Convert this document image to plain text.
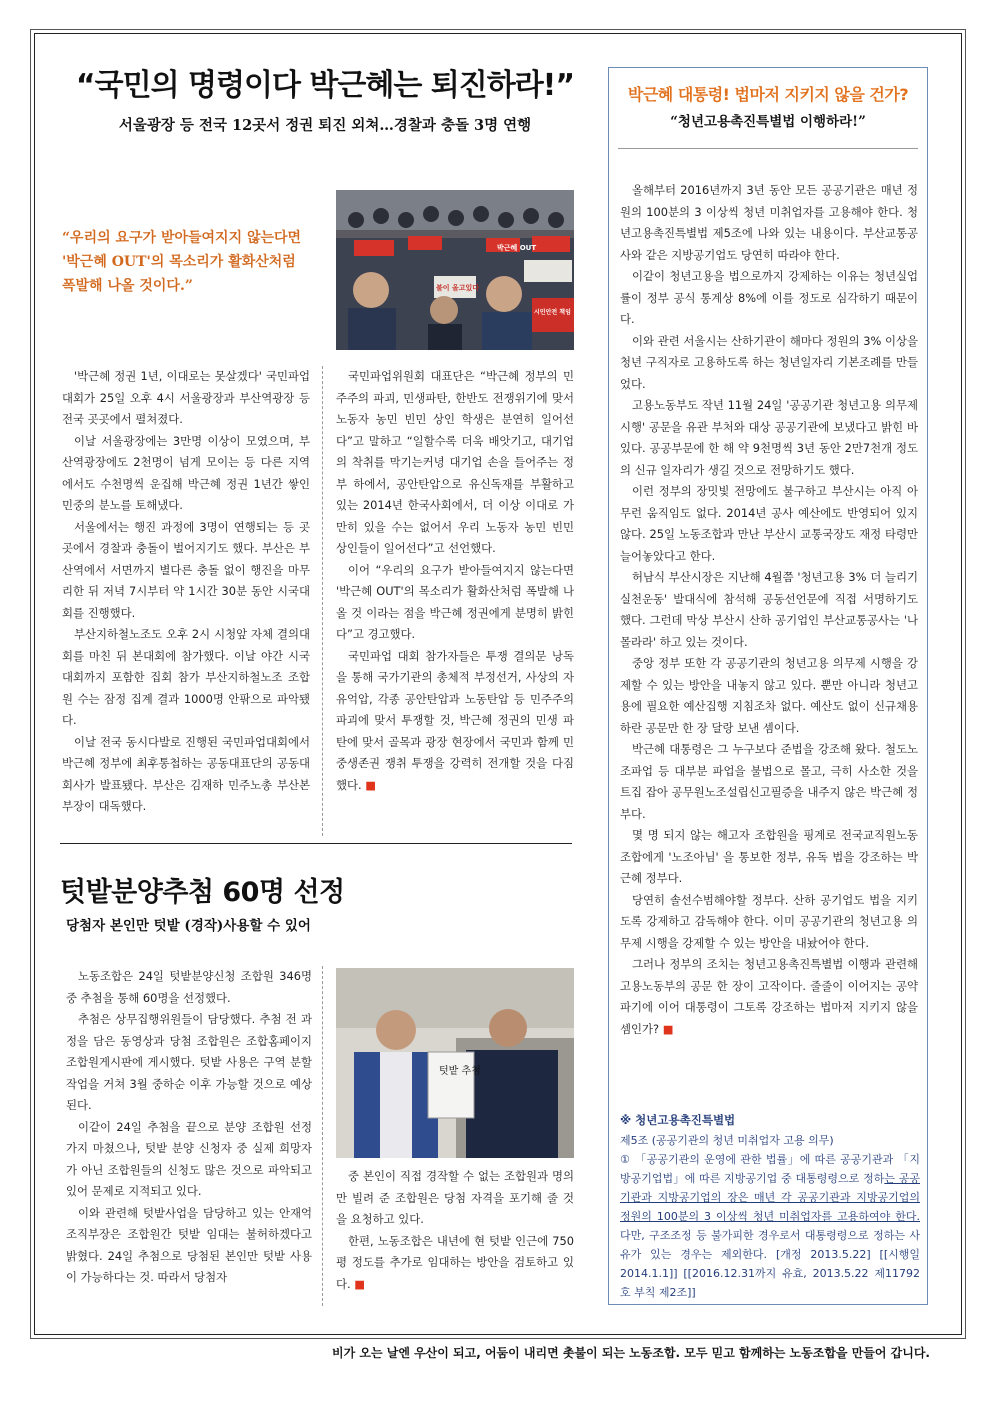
“국민의 명령이다 박근혜는 퇴진하라!”
서울광장 등 전국 12곳서 정권 퇴진 외쳐…경찰과 충돌 3명 연행
“우리의 요구가 받아들여지지 않는다면 '박근혜 OUT'의 목소리가 활화산처럼 폭발해 나올 것이다.”
박근혜 OUT
불이 올고있다
시민안전 책임

'박근혜 정권 1년, 이대로는 못살겠다' 국민파업 대회가 25일 오후 4시 서울광장과 부산역광장 등 전국 곳곳에서 펼쳐졌다.

이날 서울광장에는 3만명 이상이 모였으며, 부산역광장에도 2천명이 넘게 모이는 등 다른 지역에서도 수천명씩 운집해 박근혜 정권 1년간 쌓인 민중의 분노를 토해냈다.

서울에서는 행진 과정에 3명이 연행되는 등 곳곳에서 경찰과 충돌이 벌어지기도 했다. 부산은 부산역에서 서면까지 별다른 충돌 없이 행진을 마무리한 뒤 저녁 7시부터 약 1시간 30분 동안 시국대회를 진행했다.

부산지하철노조도 오후 2시 시청앞 자체 결의대회를 마친 뒤 본대회에 참가했다. 이날 야간 시국대회까지 포함한 집회 참가 부산지하철노조 조합원 수는 잠정 집계 결과 1000명 안팎으로 파악됐다.

이날 전국 동시다발로 진행된 국민파업대회에서 박근혜 정부에 최후통첩하는 공동대표단의 공동대회사가 발표됐다. 부산은 김재하 민주노총 부산본부장이 대독했다.

국민파업위원회 대표단은 “박근혜 정부의 민주주의 파괴, 민생파탄, 한반도 전쟁위기에 맞서 노동자 농민 빈민 상인 학생은 분연히 일어선다”고 말하고 “일할수록 더욱 배앗기고, 대기업의 착취를 막기는커녕 대기업 손을 들어주는 정부 하에서, 공안탄압으로 유신독재를 부활하고 있는 2014년 한국사회에서, 더 이상 이대로 가만히 있을 수는 없어서 우리 노동자 농민 빈민 상인들이 일어선다”고 선언했다.

이어 “우리의 요구가 받아들여지지 않는다면 '박근혜 OUT'의 목소리가 활화산처럼 폭발해 나올 것 이라는 점을 박근혜 정권에게 분명히 밝힌다”고 경고했다.

국민파업 대회 참가자들은 투쟁 결의문 낭독을 통해 국가기관의 총체적 부정선거, 사상의 자유억압, 각종 공안탄압과 노동탄압 등 민주주의 파괴에 맞서 투쟁할 것, 박근혜 정권의 민생 파탄에 맞서 골목과 광장 현장에서 국민과 함께 민중생존권 쟁취 투쟁을 강력히 전개할 것을 다짐했다. ■

텃밭분양추첨 60명 선정
당첨자 본인만 텃밭 (경작)사용할 수 있어
텃밭 추첨

노동조합은 24일 텃밭분양신청 조합원 346명 중 추첨을 통해 60명을 선정했다.

추첨은 상무집행위원들이 담당했다. 추첨 전 과정을 담은 동영상과 당첨 조합원은 조합홈페이지 조합원게시판에 게시했다. 텃밭 사용은 구역 분할 작업을 거쳐 3월 중하순 이후 가능할 것으로 예상된다.

이같이 24일 추첨을 끝으로 분양 조합원 선정가지 마쳤으나, 텃밭 분양 신청자 중 실제 희망자가 아닌 조합원들의 신청도 많은 것으로 파악되고 있어 문제로 지적되고 있다.

이와 관련해 텃밭사업을 담당하고 있는 안재억 조직부장은 조합원간 텃밭 임대는 불허하겠다고 밝혔다. 24일 추첨으로 당첨된 본인만 텃밭 사용이 가능하다는 것. 따라서 당첨자

중 본인이 직접 경작할 수 없는 조합원과 명의만 빌려 준 조합원은 당첨 자격을 포기해 줄 것을 요청하고 있다.

한편, 노동조합은 내년에 현 텃밭 인근에 750평 정도를 추가로 임대하는 방안을 검토하고 있다. ■

박근혜 대통령! 법마저 지키지 않을 건가?
“청년고용촉진특별법 이행하라!”

올해부터 2016년까지 3년 동안 모든 공공기관은 매년 정원의 100분의 3 이상씩 청년 미취업자를 고용해야 한다. 청년고용촉진특별법 제5조에 나와 있는 내용이다. 부산교통공사와 같은 지방공기업도 당연히 따라야 한다.

이같이 청년고용을 법으로까지 강제하는 이유는 청년실업률이 정부 공식 통계상 8%에 이를 정도로 심각하기 때문이다.

이와 관련 서울시는 산하기관이 해마다 정원의 3% 이상을 청년 구직자로 고용하도록 하는 청년일자리 기본조례를 만들었다.

고용노동부도 작년 11월 24일 '공공기관 청년고용 의무제 시행' 공문을 유관 부처와 대상 공공기관에 보냈다고 밝힌 바 있다. 공공부문에 한 해 약 9천명씩 3년 동안 2만7천개 정도의 신규 일자리가 생길 것으로 전망하기도 했다.

이런 정부의 장밋빛 전망에도 불구하고 부산시는 아직 아무런 움직임도 없다. 2014년 공사 예산에도 반영되어 있지 않다. 25일 노동조합과 만난 부산시 교통국장도 재정 타령만 늘어놓았다고 한다.

허남식 부산시장은 지난해 4월쯤 '청년고용 3% 더 늘리기 실천운동' 발대식에 참석해 공동선언문에 직접 서명하기도 했다. 그런데 막상 부산시 산하 공기업인 부산교통공사는 '나 몰라라' 하고 있는 것이다.

중앙 정부 또한 각 공공기관의 청년고용 의무제 시행을 강제할 수 있는 방안을 내놓지 않고 있다. 뿐만 아니라 청년고용에 필요한 예산집행 지침조차 없다. 예산도 없이 신규채용하란 공문만 한 장 달랑 보낸 셈이다.

박근혜 대통령은 그 누구보다 준법을 강조해 왔다. 철도노조파업 등 대부분 파업을 불법으로 몰고, 극히 사소한 것을 트집 잡아 공무원노조설립신고필증을 내주지 않은 박근혜 정부다.

몇 명 되지 않는 해고자 조합원을 핑계로 전국교직원노동조합에게 '노조아님' 을 통보한 정부, 유독 법을 강조하는 박근혜 정부다.

당연히 솔선수범해야할 정부다. 산하 공기업도 법을 지키도록 강제하고 감독해야 한다. 이미 공공기관의 청년고용 의무제 시행을 강제할 수 있는 방안을 내놨어야 한다.

그러나 정부의 조치는 청년고용촉진특별법 이행과 관련해 고용노동부의 공문 한 장이 고작이다. 줄줄이 이어지는 공약 파기에 이어 대통령이 그토록 강조하는 법마저 지키지 않을 셈인가? ■

※ 청년고용촉진특별법

제5조 (공공기관의 청년 미취업자 고용 의무)

① 「공공기관의 운영에 관한 법률」에 따른 공공기관과 「지방공기업법」에 따른 지방공기업 중 대통령령으로 정하는 공공기관과 지방공기업의 장은 매년 각 공공기관과 지방공기업의 정원의 100분의 3 이상씩 청년 미취업자를 고용하여야 한다. 다만, 구조조정 등 불가피한 경우로서 대통령령으로 정하는 사유가 있는 경우는 제외한다. [개정 2013.5.22] [[시행일 2014.1.1]] [[2016.12.31까지 유효, 2013.5.22 제11792호 부칙 제2조]]

비가 오는 날엔 우산이 되고, 어둠이 내리면 촛불이 되는 노동조합. 모두 믿고 함께하는 노동조합을 만들어 갑니다.
